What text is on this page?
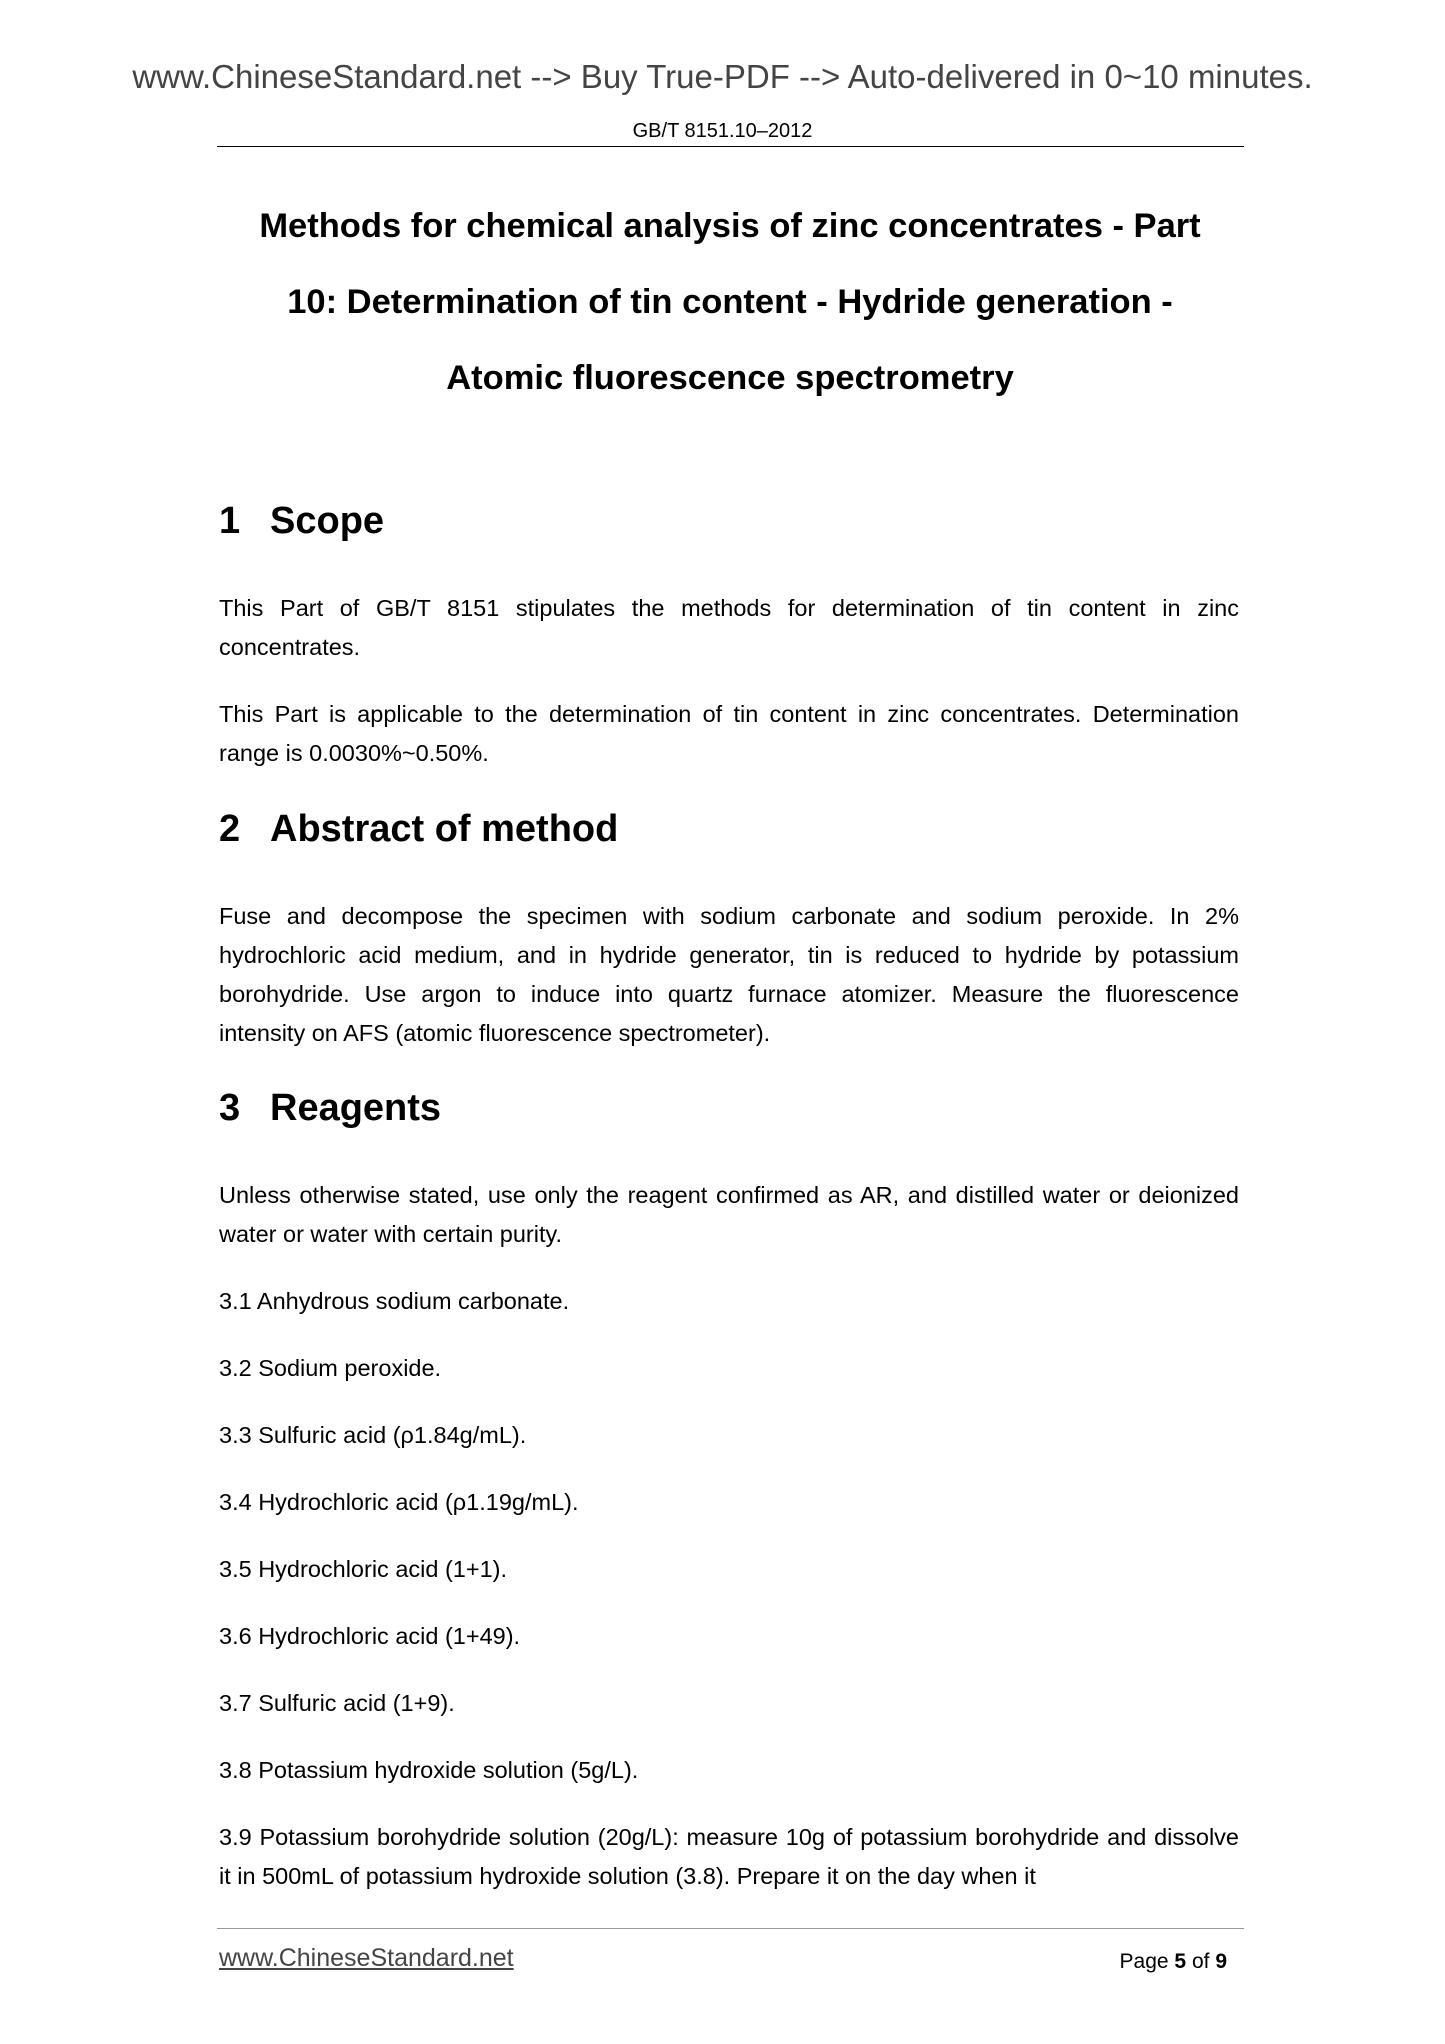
www.ChineseStandard.net --> Buy True-PDF --> Auto-delivered in 0~10 minutes.
GB/T 8151.10–2012
Methods for chemical analysis of zinc concentrates - Part
10: Determination of tin content - Hydride generation -
Atomic fluorescence spectrometry
1 Scope
This Part of GB/T 8151 stipulates the methods for determination of tin content in zinc concentrates.
This Part is applicable to the determination of tin content in zinc concentrates. Determination range is 0.0030%~0.50%.
2 Abstract of method
Fuse and decompose the specimen with sodium carbonate and sodium peroxide. In 2% hydrochloric acid medium, and in hydride generator, tin is reduced to hydride by potassium borohydride. Use argon to induce into quartz furnace atomizer. Measure the fluorescence intensity on AFS (atomic fluorescence spectrometer).
3 Reagents
Unless otherwise stated, use only the reagent confirmed as AR, and distilled water or deionized water or water with certain purity.
3.1 Anhydrous sodium carbonate.
3.2 Sodium peroxide.
3.3 Sulfuric acid (ρ1.84g/mL).
3.4 Hydrochloric acid (ρ1.19g/mL).
3.5 Hydrochloric acid (1+1).
3.6 Hydrochloric acid (1+49).
3.7 Sulfuric acid (1+9).
3.8 Potassium hydroxide solution (5g/L).
3.9 Potassium borohydride solution (20g/L): measure 10g of potassium borohydride and dissolve it in 500mL of potassium hydroxide solution (3.8). Prepare it on the day when it
www.ChineseStandard.net	Page 5 of 9
